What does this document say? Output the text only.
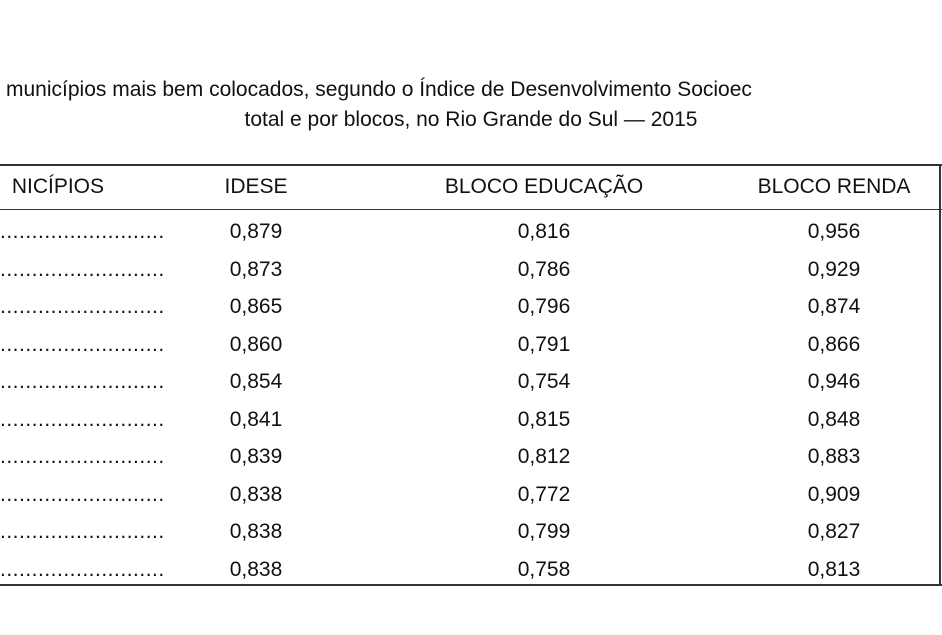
municípios mais bem colocados, segundo o Índice de Desenvolvimento Socioec
total e por blocos, no Rio Grande do Sul — 2015
NICÍPIOS	IDESE	BLOCO EDUCAÇÃO	BLOCO RENDA
..........................	0,879	0,816	0,956
..........................	0,873	0,786	0,929
..........................	0,865	0,796	0,874
..........................	0,860	0,791	0,866
..........................	0,854	0,754	0,946
..........................	0,841	0,815	0,848
..........................	0,839	0,812	0,883
..........................	0,838	0,772	0,909
..........................	0,838	0,799	0,827
..........................	0,838	0,758	0,813
